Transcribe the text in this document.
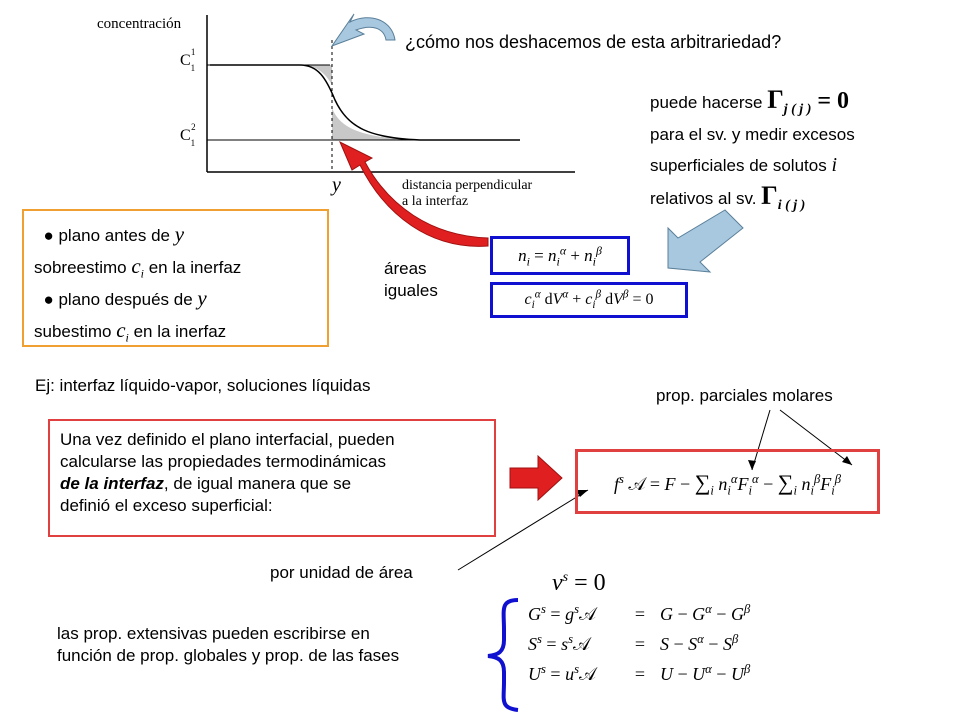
concentración
$C_1^1$
$C_1^2$
y	distancia perpendicular
a la interfaz
¿cómo nos deshacemos de esta arbitrariedad?
puede hacerse $\Gamma_{j ( j )} = 0$
para el sv. y medir excesos
superficiales de solutos i
relativos al sv. $\Gamma_{i ( j )}$
● plano antes de y
sobreestimo $c_i$ en la inerfaz
● plano después de y
subestimo $c_i$ en la inerfaz
áreas
iguales
$n_i = n_i^\alpha + n_i^\beta$
$c_i^\alpha$ $dV^\alpha + c_i^\beta$ $dV^\beta = 0$
Ej: interfaz líquido-vapor, soluciones líquidas
prop. parciales molares
Una vez definido el plano interfacial, pueden
calcularse las propiedades termodinámicas
de la interfaz, de igual manera que se
definió el exceso superficial:
$f^s$ 𝒜 = $F - \sum_i$ $n_i^\alpha F_i^\alpha - \sum_i$ $n_i^\beta F_i^\beta$
por unidad de área	$v^s = 0$
las prop. extensivas pueden escribirse en
función de prop. globales y prop. de las fases
$G^s$ = $g^s𝒜 = G - G^\alpha - G^\beta$
$S^s$ = $s^s𝒜 = S - S^\alpha - S^\beta$
$U^s$ = $u^s𝒜 = U - U^\alpha - U^\beta$
